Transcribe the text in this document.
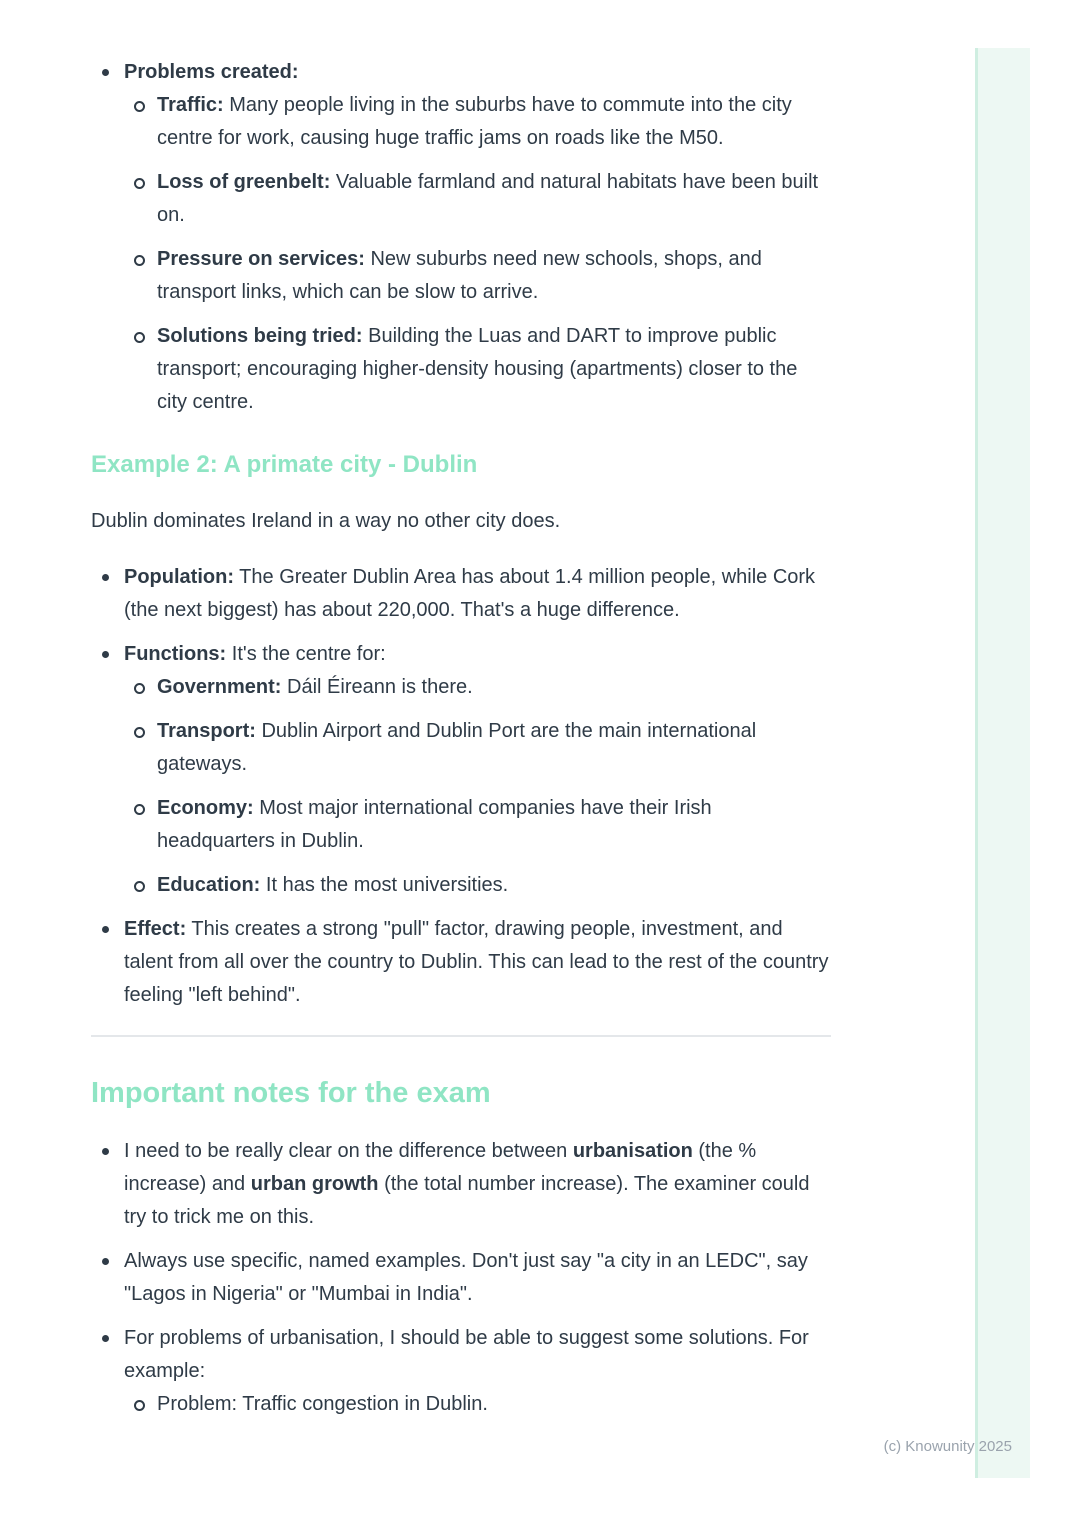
Problems created:
Traffic: Many people living in the suburbs have to commute into the city centre for work, causing huge traffic jams on roads like the M50.
Loss of greenbelt: Valuable farmland and natural habitats have been built on.
Pressure on services: New suburbs need new schools, shops, and transport links, which can be slow to arrive.
Solutions being tried: Building the Luas and DART to improve public transport; encouraging higher-density housing (apartments) closer to the city centre.
Example 2: A primate city - Dublin

Dublin dominates Ireland in a way no other city does.

Population: The Greater Dublin Area has about 1.4 million people, while Cork (the next biggest) has about 220,000. That's a huge difference.
Functions: It's the centre for:
Government: Dáil Éireann is there.
Transport: Dublin Airport and Dublin Port are the main international gateways.
Economy: Most major international companies have their Irish headquarters in Dublin.
Education: It has the most universities.
Effect: This creates a strong "pull" factor, drawing people, investment, and talent from all over the country to Dublin. This can lead to the rest of the country feeling "left behind".
Important notes for the exam
I need to be really clear on the difference between urbanisation (the % increase) and urban growth (the total number increase). The examiner could try to trick me on this.
Always use specific, named examples. Don't just say "a city in an LEDC", say "Lagos in Nigeria" or "Mumbai in India".
For problems of urbanisation, I should be able to suggest some solutions. For example:
Problem: Traffic congestion in Dublin.
(c) Knowunity 2025
